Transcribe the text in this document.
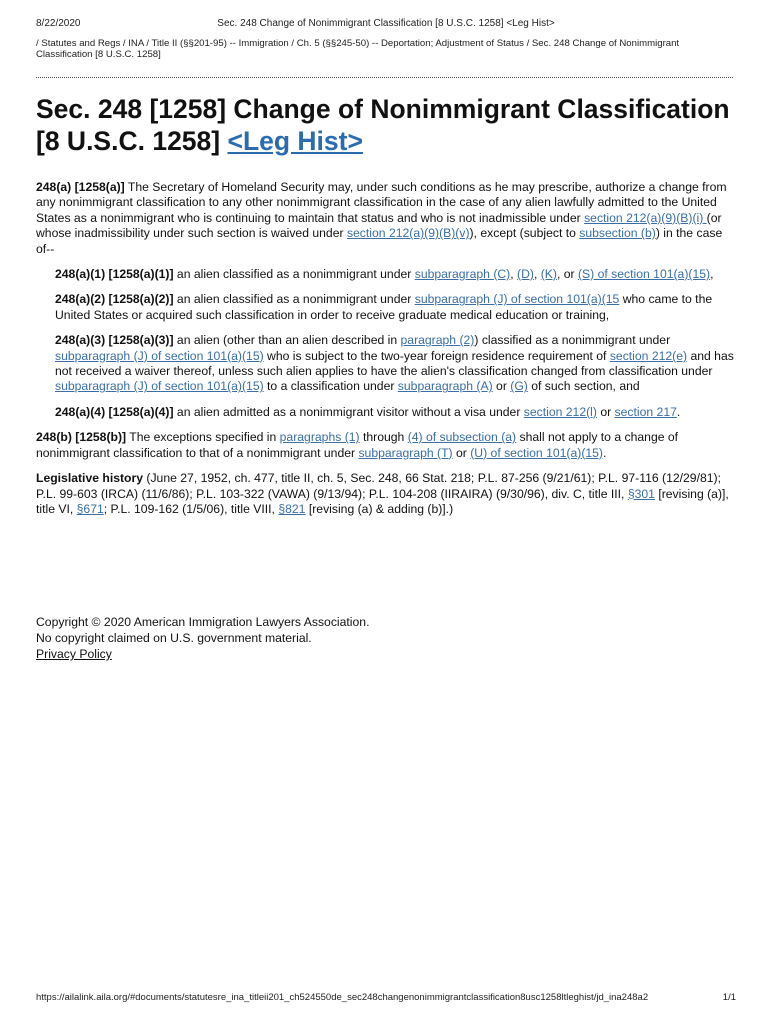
8/22/2020	Sec. 248 Change of Nonimmigrant Classification [8 U.S.C. 1258] <Leg Hist>
/ Statutes and Regs / INA / Title II (§§201-95) -- Immigration / Ch. 5 (§§245-50) -- Deportation; Adjustment of Status / Sec. 248 Change of Nonimmigrant Classification [8 U.S.C. 1258]
Sec. 248 [1258] Change of Nonimmigrant Classification [8 U.S.C. 1258] <Leg Hist>

248(a) [1258(a)] The Secretary of Homeland Security may, under such conditions as he may prescribe, authorize a change from any nonimmigrant classification to any other nonimmigrant classification in the case of any alien lawfully admitted to the United States as a nonimmigrant who is continuing to maintain that status and who is not inadmissible under section 212(a)(9)(B)(i) (or whose inadmissibility under such section is waived under section 212(a)(9)(B)(v)), except (subject to subsection (b)) in the case of--

248(a)(1) [1258(a)(1)] an alien classified as a nonimmigrant under subparagraph (C), (D), (K), or (S) of section 101(a)(15),

248(a)(2) [1258(a)(2)] an alien classified as a nonimmigrant under subparagraph (J) of section 101(a)(15 who came to the United States or acquired such classification in order to receive graduate medical education or training,

248(a)(3) [1258(a)(3)] an alien (other than an alien described in paragraph (2)) classified as a nonimmigrant under subparagraph (J) of section 101(a)(15) who is subject to the two-year foreign residence requirement of section 212(e) and has not received a waiver thereof, unless such alien applies to have the alien's classification changed from classification under subparagraph (J) of section 101(a)(15) to a classification under subparagraph (A) or (G) of such section, and

248(a)(4) [1258(a)(4)] an alien admitted as a nonimmigrant visitor without a visa under section 212(l) or section 217.

248(b) [1258(b)] The exceptions specified in paragraphs (1) through (4) of subsection (a) shall not apply to a change of nonimmigrant classification to that of a nonimmigrant under subparagraph (T) or (U) of section 101(a)(15).

Legislative history (June 27, 1952, ch. 477, title II, ch. 5, Sec. 248, 66 Stat. 218; P.L. 87-256 (9/21/61); P.L. 97-116 (12/29/81); P.L. 99-603 (IRCA) (11/6/86); P.L. 103-322 (VAWA) (9/13/94); P.L. 104-208 (IIRAIRA) (9/30/96), div. C, title III, §301 [revising (a)], title VI, §671; P.L. 109-162 (1/5/06), title VIII, §821 [revising (a) & adding (b)].)

Copyright © 2020 American Immigration Lawyers Association.
No copyright claimed on U.S. government material.
Privacy Policy
https://ailalink.aila.org/#documents/statutesre_ina_titleii201_ch524550de_sec248changenonimmigrantclassification8usc1258ltleghist/jd_ina248a2	1/1
